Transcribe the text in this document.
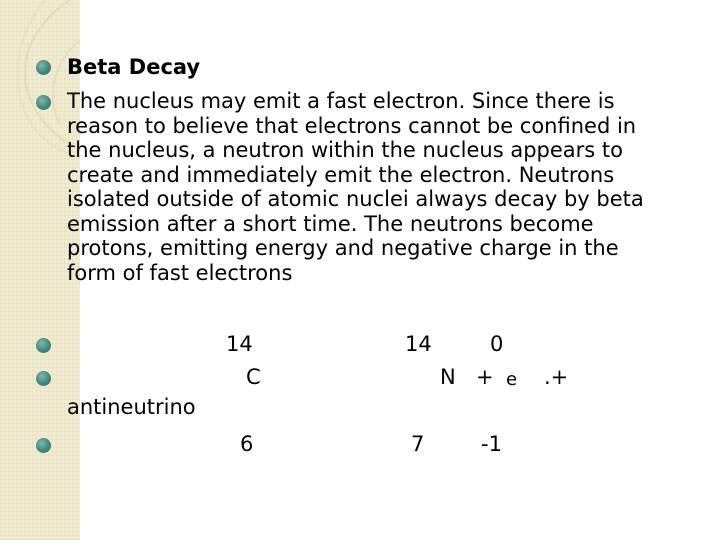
Beta Decay
The nucleus may emit a fast electron. Since there is
reason to believe that electrons cannot be confined in
the nucleus, a neutron within the nucleus appears to
create and immediately emit the electron. Neutrons
isolated outside of atomic nuclei always decay by beta
emission after a short time. The neutrons become
protons, emitting energy and negative charge in the
form of fast electrons
14	14	0
C	N + e .+
antineutrino
6	7	-1
